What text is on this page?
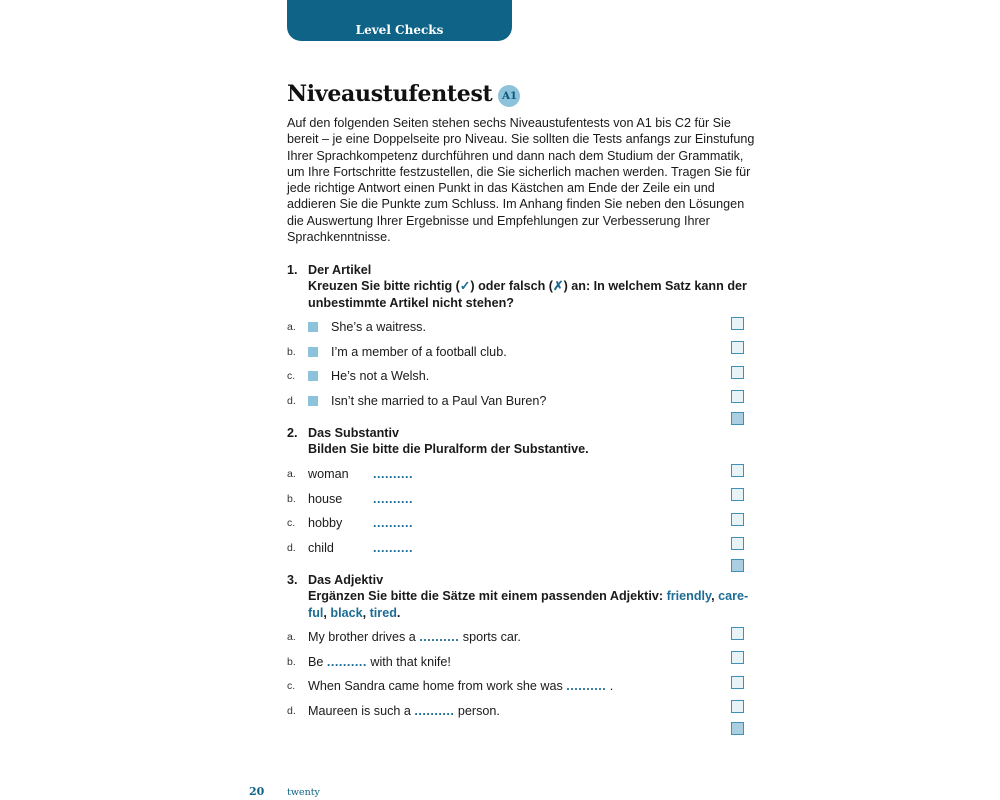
Level Checks
Niveaustufentest A1

Auf den folgenden Seiten stehen sechs Niveaustufentests von A1 bis C2 für Sie bereit – je eine Doppelseite pro Niveau. Sie sollten die Tests anfangs zur Einstufung Ihrer Sprachkompetenz durchführen und dann nach dem Studium der Grammatik, um Ihre Fortschritte festzustellen, die Sie sicherlich machen werden. Tragen Sie für jede richtige Antwort einen Punkt in das Kästchen am Ende der Zeile ein und addieren Sie die Punkte zum Schluss. Im Anhang finden Sie neben den Lösungen die Auswertung Ihrer Ergebnisse und Empfehlungen zur Verbesserung Ihrer Sprachkenntnisse.

1. Der Artikel
Kreuzen Sie bitte richtig (✓) oder falsch (✗) an: In welchem Satz kann der unbestimmte Artikel nicht stehen?
a.	She’s a waitress.
b.	I’m a member of a football club.
c.	He’s not a Welsh.
d.	Isn’t she married to a Paul Van Buren?
2. Das Substantiv
Bilden Sie bitte die Pluralform der Substantive.
a. woman ..........
b. house ..........
c. hobby ..........
d. child	..........
3. Das Adjektiv
Ergänzen Sie bitte die Sätze mit einem passenden Adjektiv: friendly, care-
ful, black, tired.
a. My brother drives a .......... sports car.
b. Be .......... with that knife!
c. When Sandra came home from work she was .......... .
d. Maureen is such a .......... person.
20 twenty
